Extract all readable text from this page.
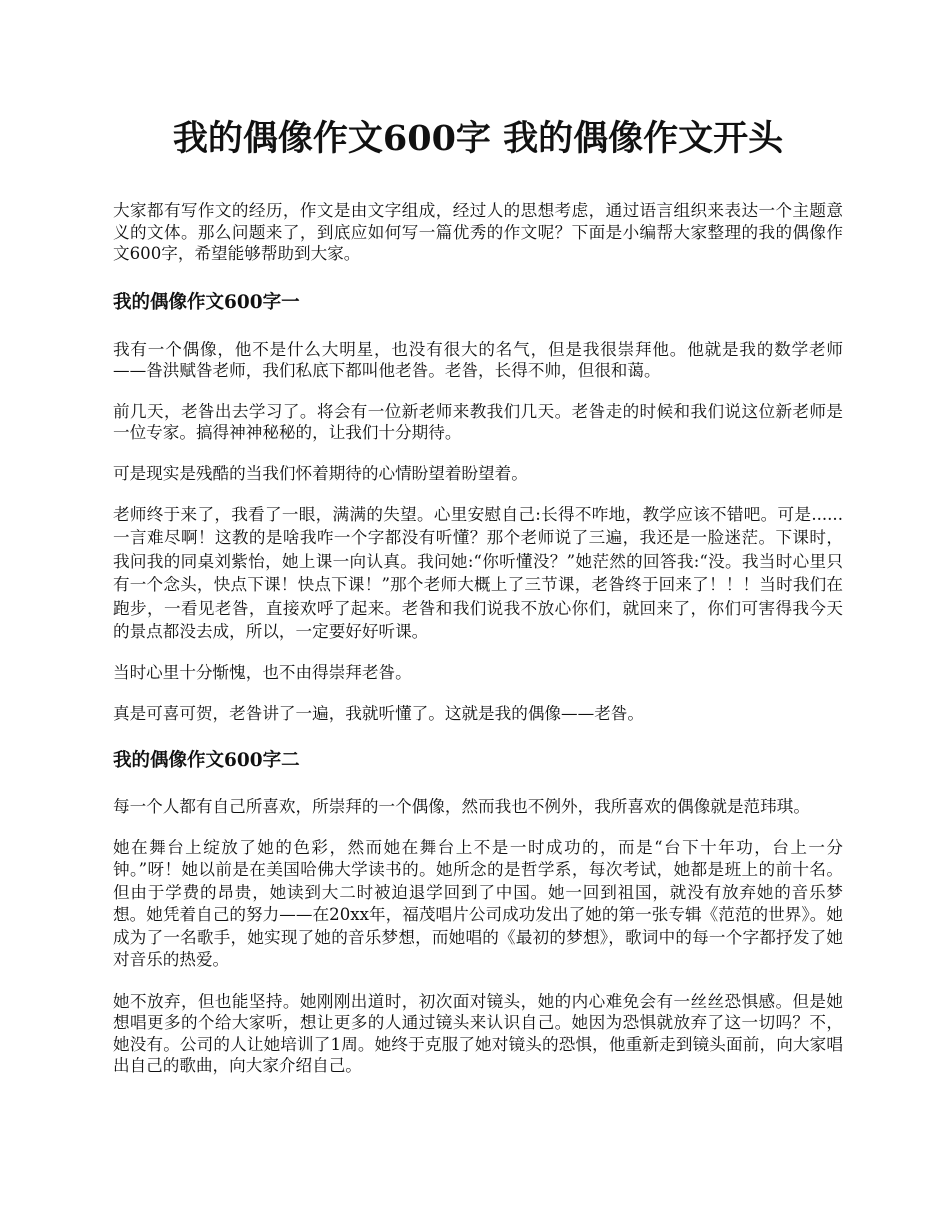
我的偶像作文600字 我的偶像作文开头

大家都有写作文的经历，作文是由文字组成，经过人的思想考虑，通过语言组织来表达一个主题意义的文体。那么问题来了，到底应如何写一篇优秀的作文呢？下面是小编帮大家整理的我的偶像作文600字，希望能够帮助到大家。

我的偶像作文600字一

我有一个偶像，他不是什么大明星，也没有很大的名气，但是我很崇拜他。他就是我的数学老师——昝洪赋昝老师，我们私底下都叫他老昝。老昝，长得不帅，但很和蔼。

前几天，老昝出去学习了。将会有一位新老师来教我们几天。老昝走的时候和我们说这位新老师是一位专家。搞得神神秘秘的，让我们十分期待。

可是现实是残酷的当我们怀着期待的心情盼望着盼望着。

老师终于来了，我看了一眼，满满的失望。心里安慰自己:长得不咋地，教学应该不错吧。可是......一言难尽啊！这教的是啥我咋一个字都没有听懂？那个老师说了三遍，我还是一脸迷茫。下课时，我问我的同桌刘紫怡，她上课一向认真。我问她:“你听懂没？”她茫然的回答我:“没。我当时心里只有一个念头，快点下课！快点下课！”那个老师大概上了三节课，老昝终于回来了！！！当时我们在跑步，一看见老昝，直接欢呼了起来。老昝和我们说我不放心你们，就回来了，你们可害得我今天的景点都没去成，所以，一定要好好听课。

当时心里十分惭愧，也不由得崇拜老昝。

真是可喜可贺，老昝讲了一遍，我就听懂了。这就是我的偶像——老昝。

我的偶像作文600字二

每一个人都有自己所喜欢，所崇拜的一个偶像，然而我也不例外，我所喜欢的偶像就是范玮琪。

她在舞台上绽放了她的色彩，然而她在舞台上不是一时成功的，而是“台下十年功，台上一分钟。”呀！她以前是在美国哈佛大学读书的。她所念的是哲学系，每次考试，她都是班上的前十名。但由于学费的昂贵，她读到大二时被迫退学回到了中国。她一回到祖国，就没有放弃她的音乐梦想。她凭着自己的努力——在20xx年，福茂唱片公司成功发出了她的第一张专辑《范范的世界》。她成为了一名歌手，她实现了她的音乐梦想，而她唱的《最初的梦想》，歌词中的每一个字都抒发了她对音乐的热爱。

她不放弃，但也能坚持。她刚刚出道时，初次面对镜头，她的内心难免会有一丝丝恐惧感。但是她想唱更多的个给大家听，想让更多的人通过镜头来认识自己。她因为恐惧就放弃了这一切吗？不，她没有。公司的人让她培训了1周。她终于克服了她对镜头的恐惧，他重新走到镜头面前，向大家唱出自己的歌曲，向大家介绍自己。
